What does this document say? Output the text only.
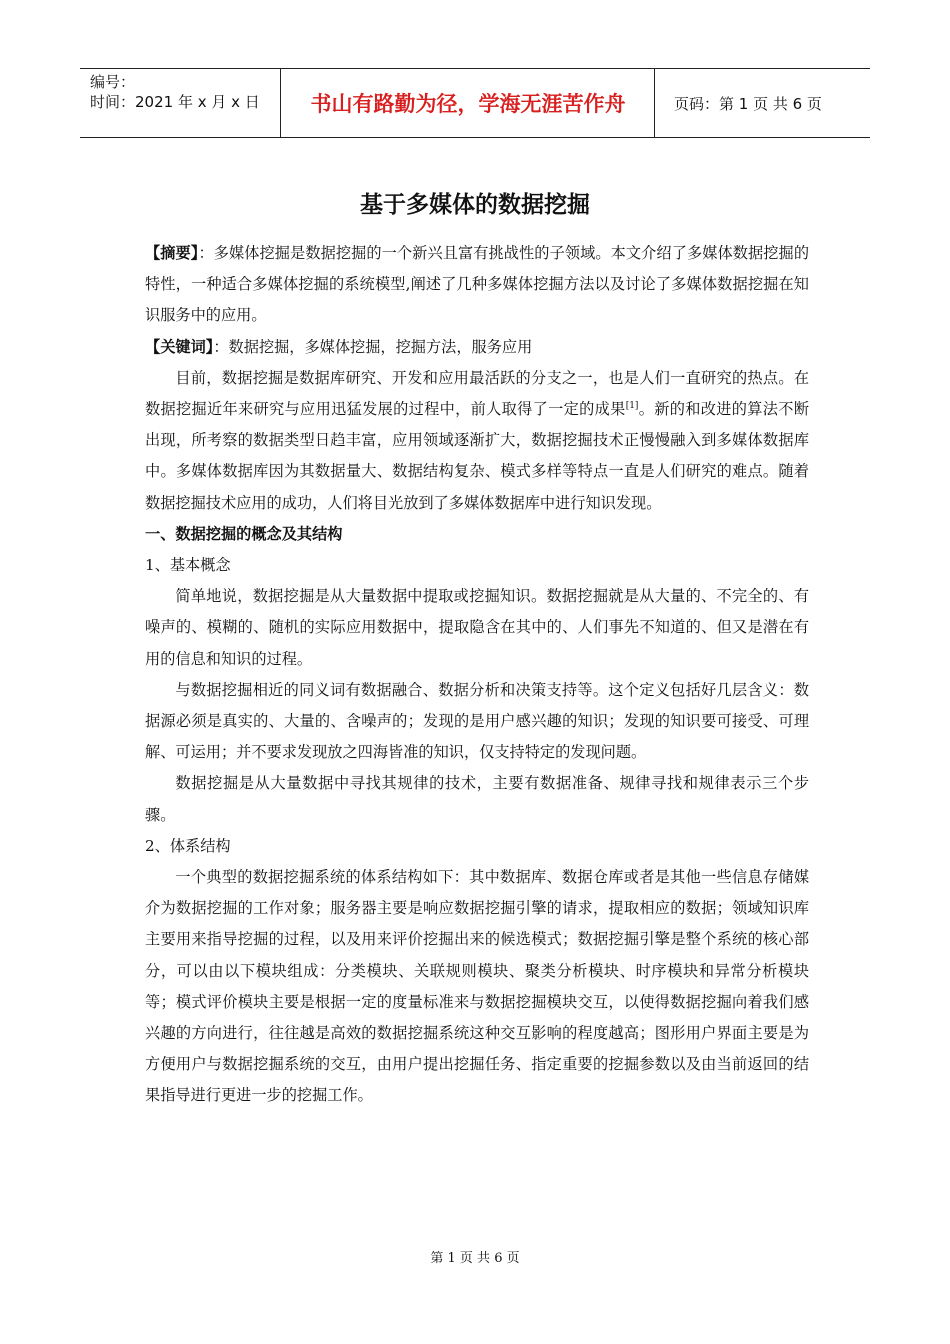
编号：
时间：2021 年 x 月 x 日	书山有路勤为径，学海无涯苦作舟	页码：第 1 页 共 6 页
基于多媒体的数据挖掘

【摘要】：多媒体挖掘是数据挖掘的一个新兴且富有挑战性的子领域。本文介绍了多媒体数据挖掘的特性，一种适合多媒体挖掘的系统模型,阐述了几种多媒体挖掘方法以及讨论了多媒体数据挖掘在知识服务中的应用。

【关键词】：数据挖掘，多媒体挖掘，挖掘方法，服务应用

目前，数据挖掘是数据库研究、开发和应用最活跃的分支之一，也是人们一直研究的热点。在数据挖掘近年来研究与应用迅猛发展的过程中，前人取得了一定的成果[1]。新的和改进的算法不断出现，所考察的数据类型日趋丰富，应用领域逐渐扩大，数据挖掘技术正慢慢融入到多媒体数据库中。多媒体数据库因为其数据量大、数据结构复杂、模式多样等特点一直是人们研究的难点。随着数据挖掘技术应用的成功，人们将目光放到了多媒体数据库中进行知识发现。

一、数据挖掘的概念及其结构

1、基本概念

简单地说，数据挖掘是从大量数据中提取或挖掘知识。数据挖掘就是从大量的、不完全的、有噪声的、模糊的、随机的实际应用数据中，提取隐含在其中的、人们事先不知道的、但又是潜在有用的信息和知识的过程。

与数据挖掘相近的同义词有数据融合、数据分析和决策支持等。这个定义包括好几层含义：数据源必须是真实的、大量的、含噪声的；发现的是用户感兴趣的知识；发现的知识要可接受、可理解、可运用；并不要求发现放之四海皆准的知识，仅支持特定的发现问题。

数据挖掘是从大量数据中寻找其规律的技术，主要有数据准备、规律寻找和规律表示三个步骤。

2、体系结构

一个典型的数据挖掘系统的体系结构如下：其中数据库、数据仓库或者是其他一些信息存储媒介为数据挖掘的工作对象；服务器主要是响应数据挖掘引擎的请求，提取相应的数据；领域知识库主要用来指导挖掘的过程，以及用来评价挖掘出来的候选模式；数据挖掘引擎是整个系统的核心部分，可以由以下模块组成：分类模块、关联规则模块、聚类分析模块、时序模块和异常分析模块等；模式评价模块主要是根据一定的度量标准来与数据挖掘模块交互，以使得数据挖掘向着我们感兴趣的方向进行，往往越是高效的数据挖掘系统这种交互影响的程度越高；图形用户界面主要是为方便用户与数据挖掘系统的交互，由用户提出挖掘任务、指定重要的挖掘参数以及由当前返回的结果指导进行更进一步的挖掘工作。

第 1 页 共 6 页
